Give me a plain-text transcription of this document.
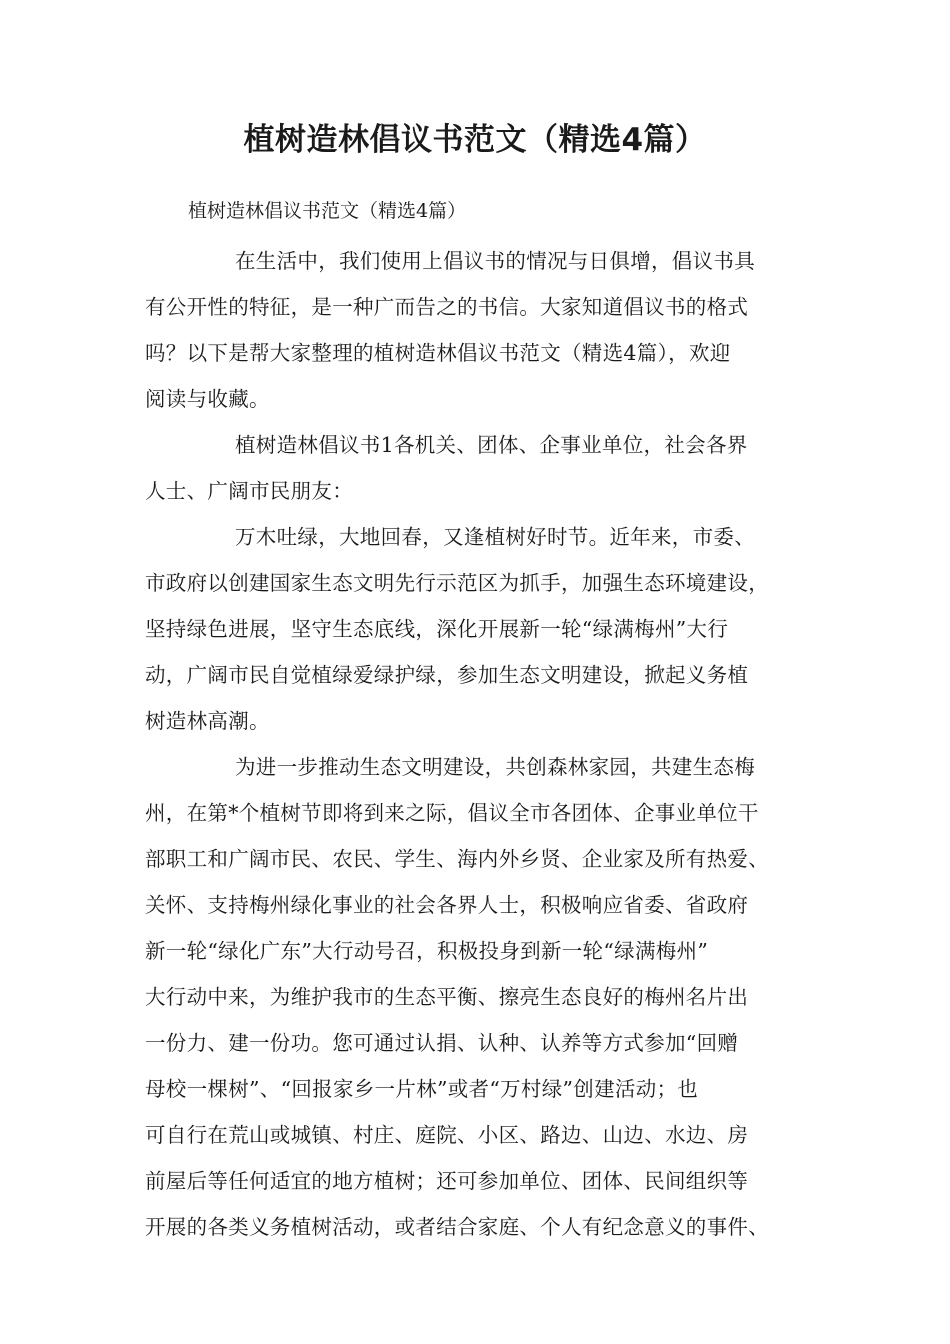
植树造林倡议书范文（精选4篇）

植树造林倡议书范文（精选4篇）

在生活中，我们使用上倡议书的情况与日俱增，倡议书具
有公开性的特征，是一种广而告之的书信。大家知道倡议书的格式
吗？以下是帮大家整理的植树造林倡议书范文（精选4篇），欢迎
阅读与收藏。
植树造林倡议书1各机关、团体、企事业单位，社会各界
人士、广阔市民朋友：
万木吐绿，大地回春，又逢植树好时节。近年来，市委、
市政府以创建国家生态文明先行示范区为抓手，加强生态环境建设，
坚持绿色进展，坚守生态底线，深化开展新一轮“绿满梅州”大行
动，广阔市民自觉植绿爱绿护绿，参加生态文明建设，掀起义务植
树造林高潮。
为进一步推动生态文明建设，共创森林家园，共建生态梅
州，在第*个植树节即将到来之际，倡议全市各团体、企事业单位干
部职工和广阔市民、农民、学生、海内外乡贤、企业家及所有热爱、
关怀、支持梅州绿化事业的社会各界人士，积极响应省委、省政府
新一轮“绿化广东”大行动号召，积极投身到新一轮“绿满梅州”
大行动中来，为维护我市的生态平衡、擦亮生态良好的梅州名片出
一份力、建一份功。您可通过认捐、认种、认养等方式参加“回赠
母校一棵树”、“回报家乡一片林”或者“万村绿”创建活动；也
可自行在荒山或城镇、村庄、庭院、小区、路边、山边、水边、房
前屋后等任何适宜的地方植树；还可参加单位、团体、民间组织等
开展的各类义务植树活动，或者结合家庭、个人有纪念意义的事件、
